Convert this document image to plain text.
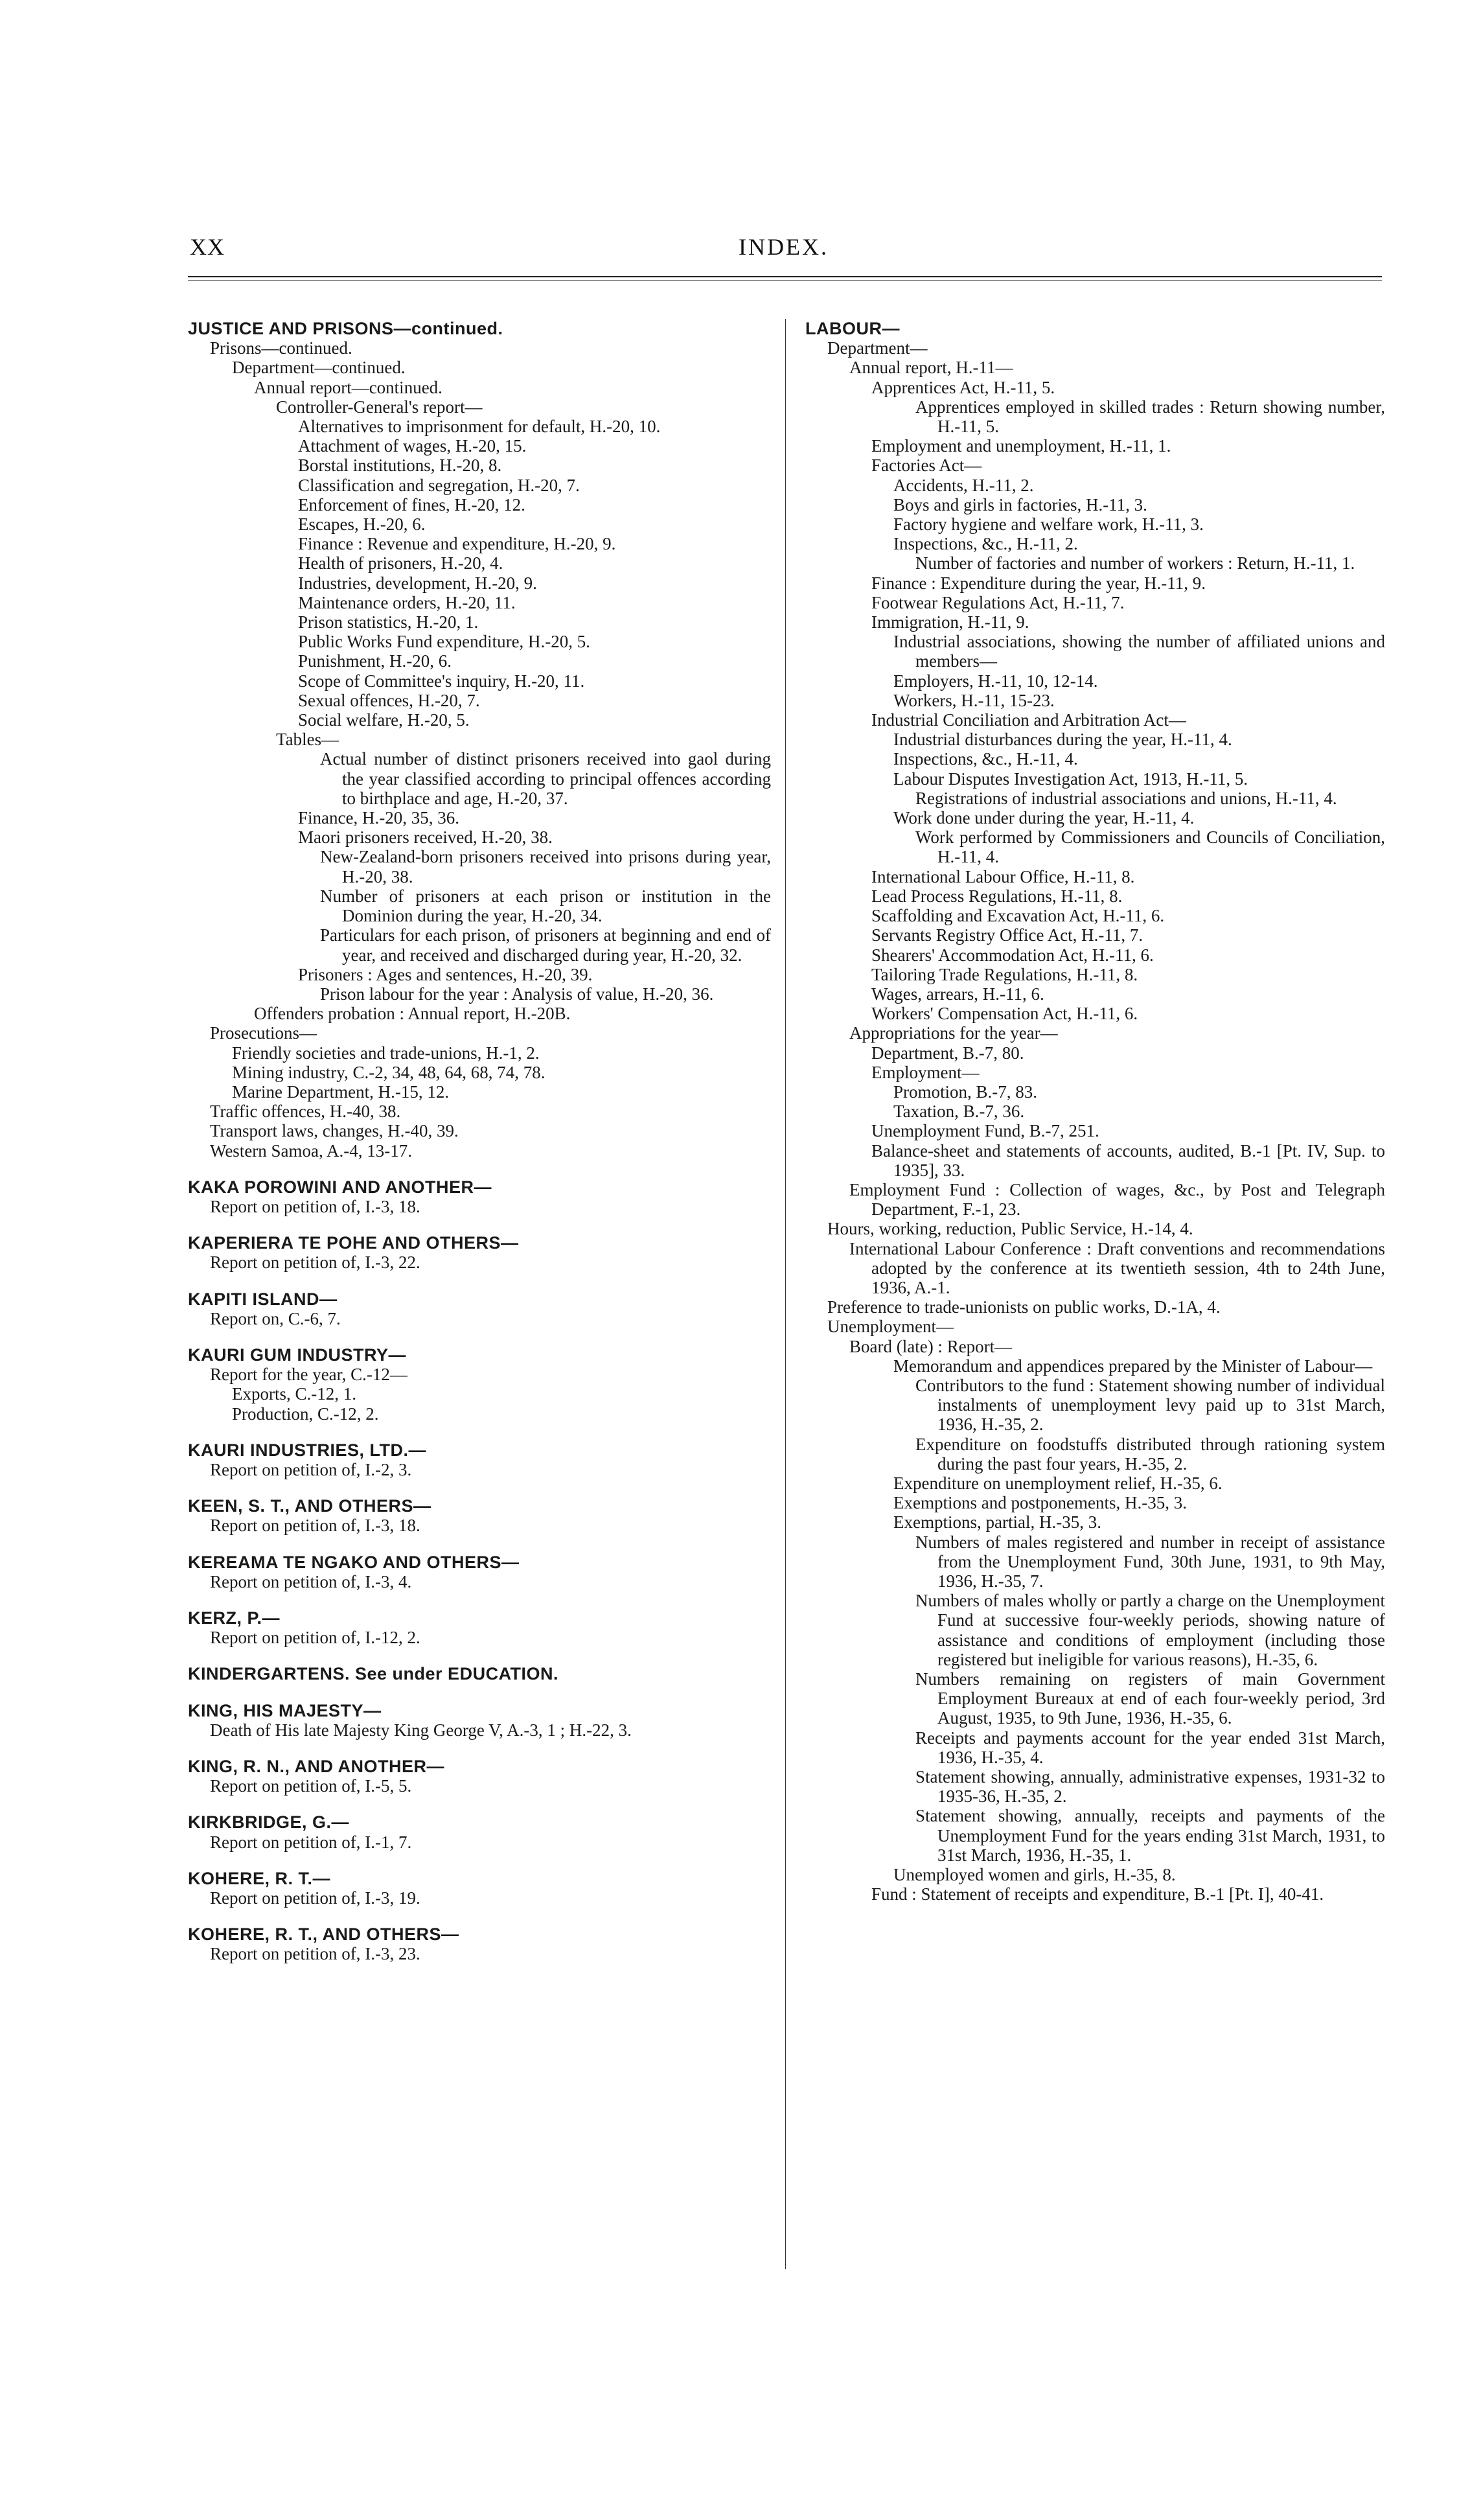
XX	INDEX.
JUSTICE AND PRISONS—continued.
Prisons—continued.
Department—continued.
Annual report—continued.
Controller-General's report—
Alternatives to imprisonment for default, H.-20, 10.
Attachment of wages, H.-20, 15.
Borstal institutions, H.-20, 8.
Classification and segregation, H.-20, 7.
Enforcement of fines, H.-20, 12.
Escapes, H.-20, 6.
Finance : Revenue and expenditure, H.-20, 9.
Health of prisoners, H.-20, 4.
Industries, development, H.-20, 9.
Maintenance orders, H.-20, 11.
Prison statistics, H.-20, 1.
Public Works Fund expenditure, H.-20, 5.
Punishment, H.-20, 6.
Scope of Committee's inquiry, H.-20, 11.
Sexual offences, H.-20, 7.
Social welfare, H.-20, 5.
Tables—
Actual number of distinct prisoners received into gaol during the year classified according to principal offences according to birthplace and age, H.-20, 37.
Finance, H.-20, 35, 36.
Maori prisoners received, H.-20, 38.
New-Zealand-born prisoners received into prisons during year, H.-20, 38.
Number of prisoners at each prison or institution in the Dominion during the year, H.-20, 34.
Particulars for each prison, of prisoners at beginning and end of year, and received and discharged during year, H.-20, 32.
Prisoners : Ages and sentences, H.-20, 39.
Prison labour for the year : Analysis of value, H.-20, 36.
Offenders probation : Annual report, H.-20B.
Prosecutions—
Friendly societies and trade-unions, H.-1, 2.
Mining industry, C.-2, 34, 48, 64, 68, 74, 78.
Marine Department, H.-15, 12.
Traffic offences, H.-40, 38.
Transport laws, changes, H.-40, 39.
Western Samoa, A.-4, 13-17.
KAKA POROWINI AND ANOTHER—
Report on petition of, I.-3, 18.
KAPERIERA TE POHE AND OTHERS—
Report on petition of, I.-3, 22.
KAPITI ISLAND—
Report on, C.-6, 7.
KAURI GUM INDUSTRY—
Report for the year, C.-12—
Exports, C.-12, 1.
Production, C.-12, 2.
KAURI INDUSTRIES, LTD.—
Report on petition of, I.-2, 3.
KEEN, S. T., AND OTHERS—
Report on petition of, I.-3, 18.
KEREAMA TE NGAKO AND OTHERS—
Report on petition of, I.-3, 4.
KERZ, P.—
Report on petition of, I.-12, 2.
KINDERGARTENS. See under EDUCATION.
KING, HIS MAJESTY—
Death of His late Majesty King George V, A.-3, 1 ; H.-22, 3.
KING, R. N., AND ANOTHER—
Report on petition of, I.-5, 5.
KIRKBRIDGE, G.—
Report on petition of, I.-1, 7.
KOHERE, R. T.—
Report on petition of, I.-3, 19.
KOHERE, R. T., AND OTHERS—
Report on petition of, I.-3, 23.
LABOUR—
Department—
Annual report, H.-11—
Apprentices Act, H.-11, 5.
Apprentices employed in skilled trades : Return showing number, H.-11, 5.
Employment and unemployment, H.-11, 1.
Factories Act—
Accidents, H.-11, 2.
Boys and girls in factories, H.-11, 3.
Factory hygiene and welfare work, H.-11, 3.
Inspections, &c., H.-11, 2.
Number of factories and number of workers : Return, H.-11, 1.
Finance : Expenditure during the year, H.-11, 9.
Footwear Regulations Act, H.-11, 7.
Immigration, H.-11, 9.
Industrial associations, showing the number of affiliated unions and members—
Employers, H.-11, 10, 12-14.
Workers, H.-11, 15-23.
Industrial Conciliation and Arbitration Act—
Industrial disturbances during the year, H.-11, 4.
Inspections, &c., H.-11, 4.
Labour Disputes Investigation Act, 1913, H.-11, 5.
Registrations of industrial associations and unions, H.-11, 4.
Work done under during the year, H.-11, 4.
Work performed by Commissioners and Councils of Conciliation, H.-11, 4.
International Labour Office, H.-11, 8.
Lead Process Regulations, H.-11, 8.
Scaffolding and Excavation Act, H.-11, 6.
Servants Registry Office Act, H.-11, 7.
Shearers' Accommodation Act, H.-11, 6.
Tailoring Trade Regulations, H.-11, 8.
Wages, arrears, H.-11, 6.
Workers' Compensation Act, H.-11, 6.
Appropriations for the year—
Department, B.-7, 80.
Employment—
Promotion, B.-7, 83.
Taxation, B.-7, 36.
Unemployment Fund, B.-7, 251.
Balance-sheet and statements of accounts, audited, B.-1 [Pt. IV, Sup. to 1935], 33.
Employment Fund : Collection of wages, &c., by Post and Telegraph Department, F.-1, 23.
Hours, working, reduction, Public Service, H.-14, 4.
International Labour Conference : Draft conventions and recommendations adopted by the conference at its twentieth session, 4th to 24th June, 1936, A.-1.
Preference to trade-unionists on public works, D.-1A, 4.
Unemployment—
Board (late) : Report—
Memorandum and appendices prepared by the Minister of Labour—
Contributors to the fund : Statement showing number of individual instalments of unemployment levy paid up to 31st March, 1936, H.-35, 2.
Expenditure on foodstuffs distributed through rationing system during the past four years, H.-35, 2.
Expenditure on unemployment relief, H.-35, 6.
Exemptions and postponements, H.-35, 3.
Exemptions, partial, H.-35, 3.
Numbers of males registered and number in receipt of assistance from the Unemployment Fund, 30th June, 1931, to 9th May, 1936, H.-35, 7.
Numbers of males wholly or partly a charge on the Unemployment Fund at successive four-weekly periods, showing nature of assistance and conditions of employment (including those registered but ineligible for various reasons), H.-35, 6.
Numbers remaining on registers of main Government Employment Bureaux at end of each four-weekly period, 3rd August, 1935, to 9th June, 1936, H.-35, 6.
Receipts and payments account for the year ended 31st March, 1936, H.-35, 4.
Statement showing, annually, administrative expenses, 1931-32 to 1935-36, H.-35, 2.
Statement showing, annually, receipts and payments of the Unemployment Fund for the years ending 31st March, 1931, to 31st March, 1936, H.-35, 1.
Unemployed women and girls, H.-35, 8.
Fund : Statement of receipts and expenditure, B.-1 [Pt. I], 40-41.
